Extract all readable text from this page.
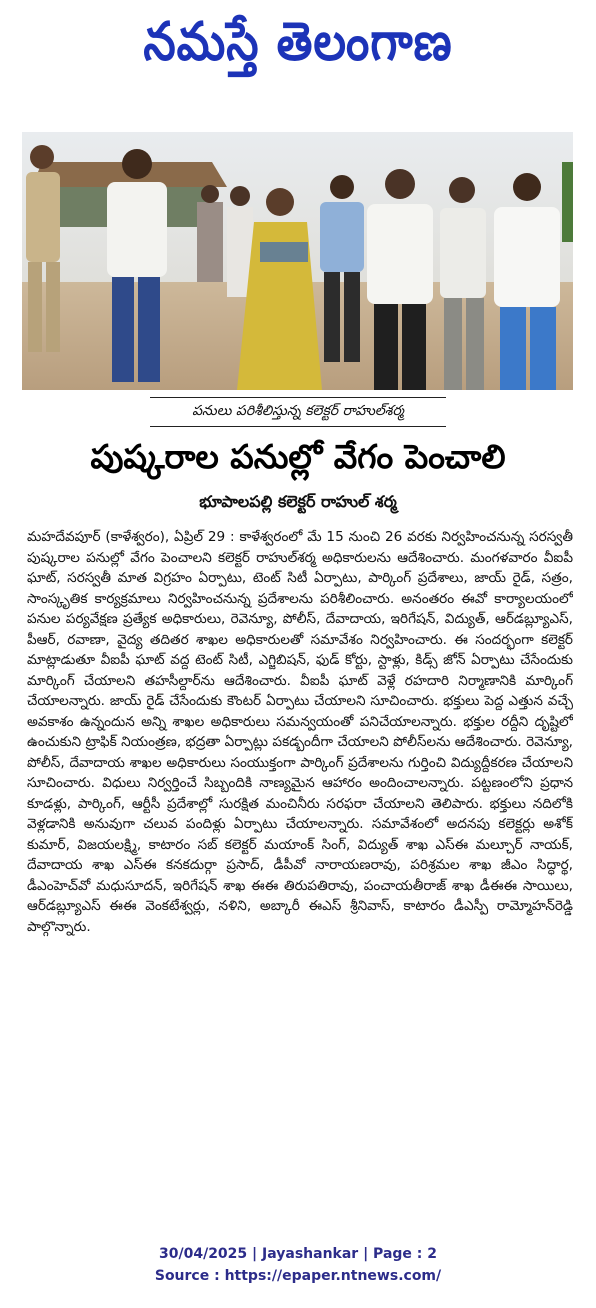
నమస్తే తెలంగాణ
పనులు పరిశీలిస్తున్న కలెక్టర్ రాహుల్‌శర్మ
పుష్కరాల పనుల్లో వేగం పెంచాలి
భూపాలపల్లి కలెక్టర్ రాహుల్ శర్మ
మహదేవపూర్ (కాళేశ్వరం), ఏప్రిల్ 29 : కాళేశ్వరంలో మే 15 నుంచి 26 వరకు నిర్వహించనున్న సరస్వతీ పుష్కరాల పనుల్లో వేగం పెంచాలని కలెక్టర్ రాహుల్‌శర్మ అధికారులను ఆదేశించారు. మంగళవారం వీఐపీ ఘాట్, సరస్వతీ మాత విగ్రహం ఏర్పాటు, టెంట్ సిటీ ఏర్పాటు, పార్కింగ్ ప్రదేశాలు, జాయ్ రైడ్, సత్రం, సాంస్కృతిక కార్యక్రమాలు నిర్వహించనున్న ప్రదేశాలను పరిశీలించారు. అనంతరం ఈవో కార్యాలయంలో పనుల పర్యవేక్షణ ప్రత్యేక అధికారులు, రెవెన్యూ, పోలీస్, దేవాదాయ, ఇరిగేషన్, విద్యుత్, ఆర్‌డబ్ల్యూఎస్, పీఆర్, రవాణా, వైద్య తదితర శాఖల అధికారులతో సమావేశం నిర్వహించారు. ఈ సందర్భంగా కలెక్టర్ మాట్లాడుతూ వీఐపీ ఘాట్ వద్ద టెంట్ సిటీ, ఎగ్జిబిషన్, ఫుడ్ కోర్టు, స్టాళ్లు, కిడ్స్ జోన్ ఏర్పాటు చేసేందుకు మార్కింగ్ చేయాలని తహసీల్దార్‌ను ఆదేశించారు. వీఐపీ ఘాట్ వెళ్లే రహదారి నిర్మాణానికి మార్కింగ్ చేయాలన్నారు. జాయ్ రైడ్ చేసేందుకు కౌంటర్ ఏర్పాటు చేయాలని సూచించారు. భక్తులు పెద్ద ఎత్తున వచ్చే అవకాశం ఉన్నందున అన్ని శాఖల అధికారులు సమన్వయంతో పనిచేయాలన్నారు. భక్తుల రద్దీని దృష్టిలో ఉంచుకుని ట్రాఫిక్ నియంత్రణ, భద్రతా ఏర్పాట్లు పకడ్బందీగా చేయాలని పోలీస్‌లను ఆదేశించారు. రెవెన్యూ, పోలీస్, దేవాదాయ శాఖల అధికారులు సంయుక్తంగా పార్కింగ్ ప్రదేశాలను గుర్తించి విద్యుద్దీకరణ చేయాలని సూచించారు. విధులు నిర్వర్తించే సిబ్బందికి నాణ్యమైన ఆహారం అందించాలన్నారు. పట్టణంలోని ప్రధాన కూడళ్లు, పార్కింగ్, ఆర్టీసీ ప్రదేశాల్లో సురక్షిత మంచినీరు సరఫరా చేయాలని తెలిపారు. భక్తులు నదిలోకి వెళ్లడానికి అనువుగా చలువ పందిళ్లు ఏర్పాటు చేయాలన్నారు. సమావేశంలో అదనపు కలెక్టర్లు అశోక్ కుమార్, విజయలక్ష్మి, కాటారం సబ్ కలెక్టర్ మయాంక్ సింగ్, విద్యుత్ శాఖ ఎస్ఈ మల్చూర్ నాయక్, దేవాదాయ శాఖ ఎస్ఈ కనకదుర్గా ప్రసాద్, డీపీవో నారాయణరావు, పరిశ్రమల శాఖ జీఎం సిద్ధార్థ, డీఎంహెచ్‌వో మధుసూదన్, ఇరిగేషన్ శాఖ ఈఈ తిరుపతిరావు, పంచాయతీరాజ్ శాఖ డీఈఈ సాయిలు, ఆర్‌డబ్ల్యూఎస్ ఈఈ వెంకటేశ్వర్లు, నళిని, అబ్కారీ ఈఎస్ శ్రీనివాస్, కాటారం డీఎస్పీ రామ్మోహన్‌రెడ్డి పాల్గొన్నారు.
30/04/2025 | Jayashankar | Page : 2
Source : https://epaper.ntnews.com/
